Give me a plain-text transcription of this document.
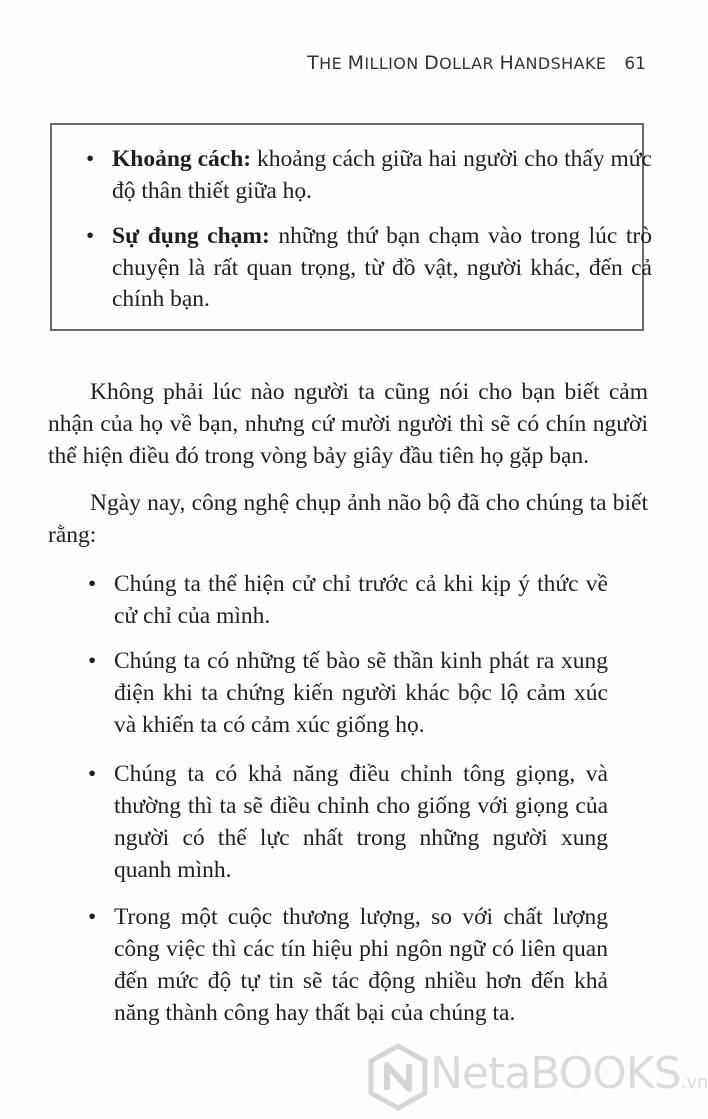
THE MILLION DOLLAR HANDSHAKE 61
• Khoảng cách: khoảng cách giữa hai người cho thấy mức độ thân thiết giữa họ.
• Sự đụng chạm: những thứ bạn chạm vào trong lúc trò chuyện là rất quan trọng, từ đồ vật, người khác, đến cả chính bạn.

Không phải lúc nào người ta cũng nói cho bạn biết cảm nhận của họ về bạn, nhưng cứ mười người thì sẽ có chín người thể hiện điều đó trong vòng bảy giây đầu tiên họ gặp bạn.

Ngày nay, công nghệ chụp ảnh não bộ đã cho chúng ta biết rằng:

• Chúng ta thể hiện cử chỉ trước cả khi kịp ý thức về cử chỉ của mình.
• Chúng ta có những tế bào sẽ thần kinh phát ra xung điện khi ta chứng kiến người khác bộc lộ cảm xúc và khiến ta có cảm xúc giống họ.
• Chúng ta có khả năng điều chỉnh tông giọng, và thường thì ta sẽ điều chỉnh cho giống với giọng của người có thế lực nhất trong những người xung quanh mình.
• Trong một cuộc thương lượng, so với chất lượng công việc thì các tín hiệu phi ngôn ngữ có liên quan đến mức độ tự tin sẽ tác động nhiều hơn đến khả năng thành công hay thất bại của chúng ta.
NetaBOOKS.vn
